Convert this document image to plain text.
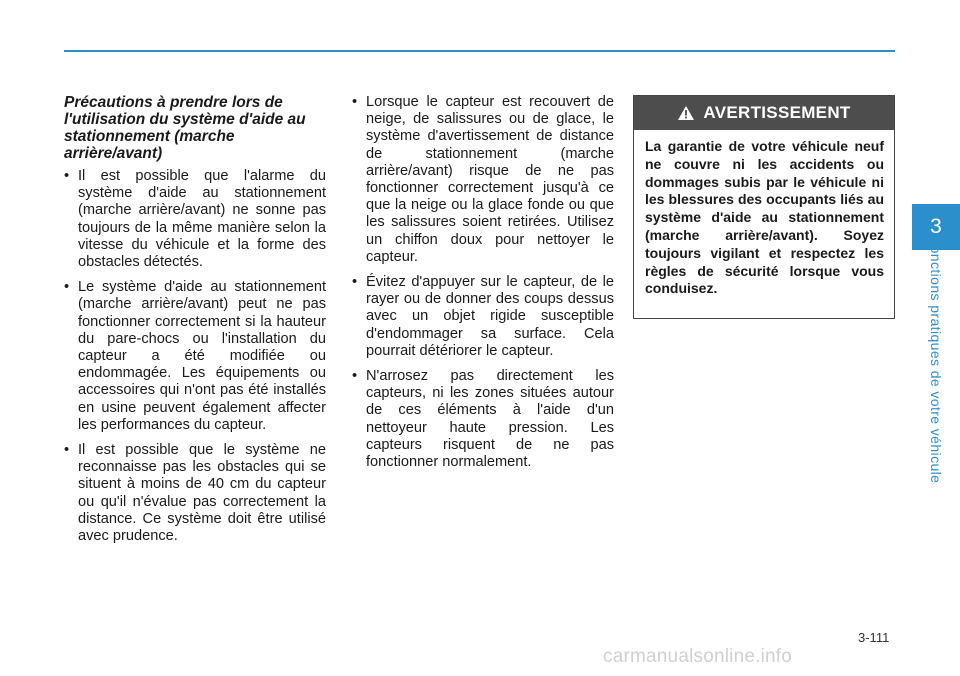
Précautions à prendre lors de l'utilisation du système d'aide au stationnement (marche arrière/avant)
• Il est possible que l'alarme du système d'aide au stationnement (marche arrière/avant) ne sonne pas toujours de la même manière selon la vitesse du véhicule et la forme des obstacles détectés.
• Le système d'aide au stationnement (marche arrière/avant) peut ne pas fonctionner correctement si la hauteur du pare-chocs ou l'installation du capteur a été modifiée ou endommagée. Les équipements ou accessoires qui n'ont pas été installés en usine peuvent également affecter les performances du capteur.
• Il est possible que le système ne reconnaisse pas les obstacles qui se situent à moins de 40 cm du capteur ou qu'il n'évalue pas correctement la distance. Ce système doit être utilisé avec prudence.
• Lorsque le capteur est recouvert de neige, de salissures ou de glace, le système d'avertissement de distance de stationnement (marche arrière/avant) risque de ne pas fonctionner correctement jusqu'à ce que la neige ou la glace fonde ou que les salissures soient retirées. Utilisez un chiffon doux pour nettoyer le capteur.
• Évitez d'appuyer sur le capteur, de le rayer ou de donner des coups dessus avec un objet rigide susceptible d'endommager sa surface. Cela pourrait détériorer le capteur.
• N'arrosez pas directement les capteurs, ni les zones situées autour de ces éléments à l'aide d'un nettoyeur haute pression. Les capteurs risquent de ne pas fonctionner normalement.
AVERTISSEMENT
La garantie de votre véhicule neuf ne couvre ni les accidents ou dommages subis par le véhicule ni les blessures des occupants liés au système d'aide au stationnement (marche arrière/avant). Soyez toujours vigilant et respectez les règles de sécurité lorsque vous conduisez.
3
Fonctions pratiques de votre véhicule
3-111
carmanualsonline.info
